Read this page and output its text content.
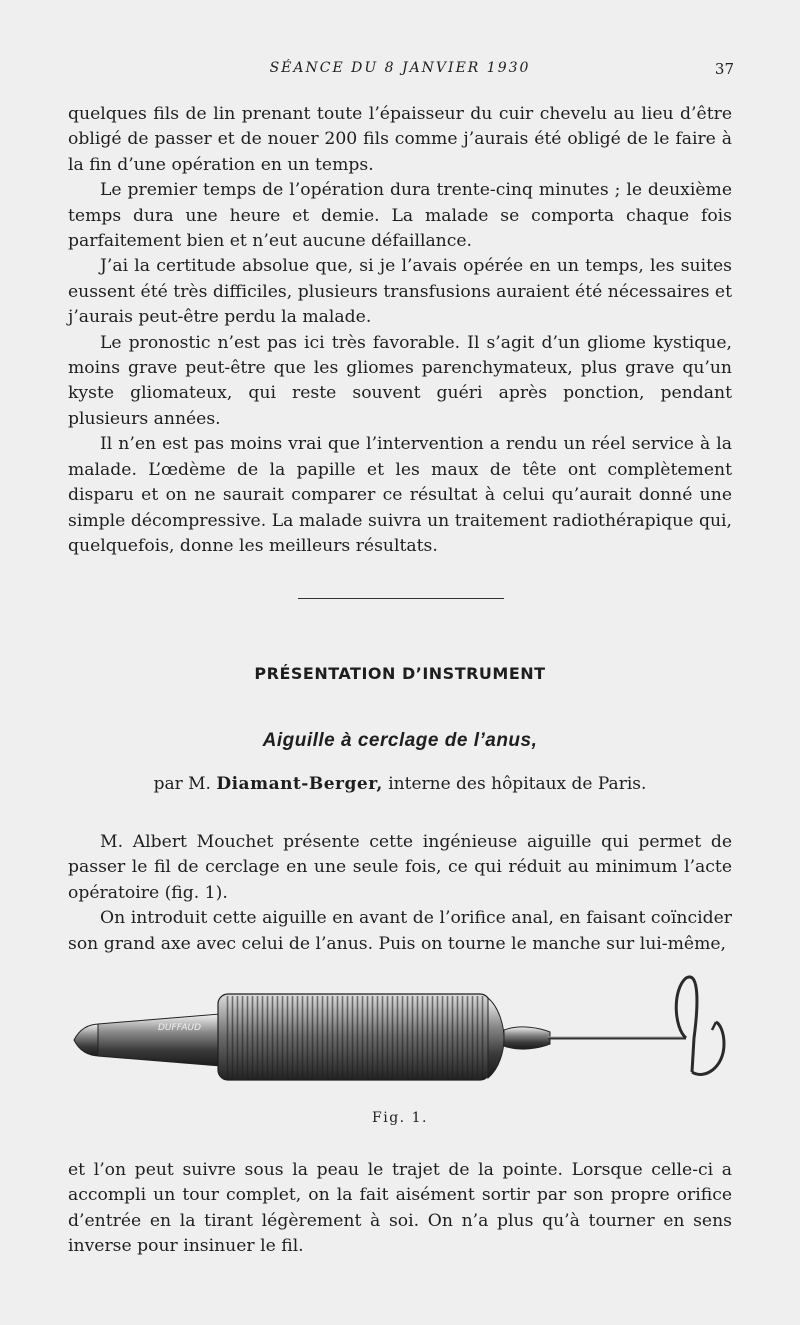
SÉANCE DU 8 JANVIER 1930	37

quelques fils de lin prenant toute l’épaisseur du cuir chevelu au lieu d’être obligé de passer et de nouer 200 fils comme j’aurais été obligé de le faire à la fin d’une opération en un temps.

Le premier temps de l’opération dura trente-cinq minutes ; le deuxième temps dura une heure et demie. La malade se comporta chaque fois parfaitement bien et n’eut aucune défaillance.

J’ai la certitude absolue que, si je l’avais opérée en un temps, les suites eussent été très difficiles, plusieurs transfusions auraient été nécessaires et j’aurais peut-être perdu la malade.

Le pronostic n’est pas ici très favorable. Il s’agit d’un gliome kystique, moins grave peut-être que les gliomes parenchymateux, plus grave qu’un kyste gliomateux, qui reste souvent guéri après ponction, pendant plusieurs années.

Il n’en est pas moins vrai que l’intervention a rendu un réel service à la malade. L’œdème de la papille et les maux de tête ont complètement disparu et on ne saurait comparer ce résultat à celui qu’aurait donné une simple décompressive. La malade suivra un traitement radiothérapique qui, quelquefois, donne les meilleurs résultats.

PRÉSENTATION D’INSTRUMENT
Aiguille à cerclage de l’anus,
par M. Diamant-Berger, interne des hôpitaux de Paris.

M. Albert Mouchet présente cette ingénieuse aiguille qui permet de passer le fil de cerclage en une seule fois, ce qui réduit au minimum l’acte opératoire (fig. 1).

On introduit cette aiguille en avant de l’orifice anal, en faisant coïncider son grand axe avec celui de l’anus. Puis on tourne le manche sur lui-même,

DUFFAUD
Fig. 1.

et l’on peut suivre sous la peau le trajet de la pointe. Lorsque celle-ci a accompli un tour complet, on la fait aisément sortir par son propre orifice d’entrée en la tirant légèrement à soi. On n’a plus qu’à tourner en sens inverse pour insinuer le fil.
